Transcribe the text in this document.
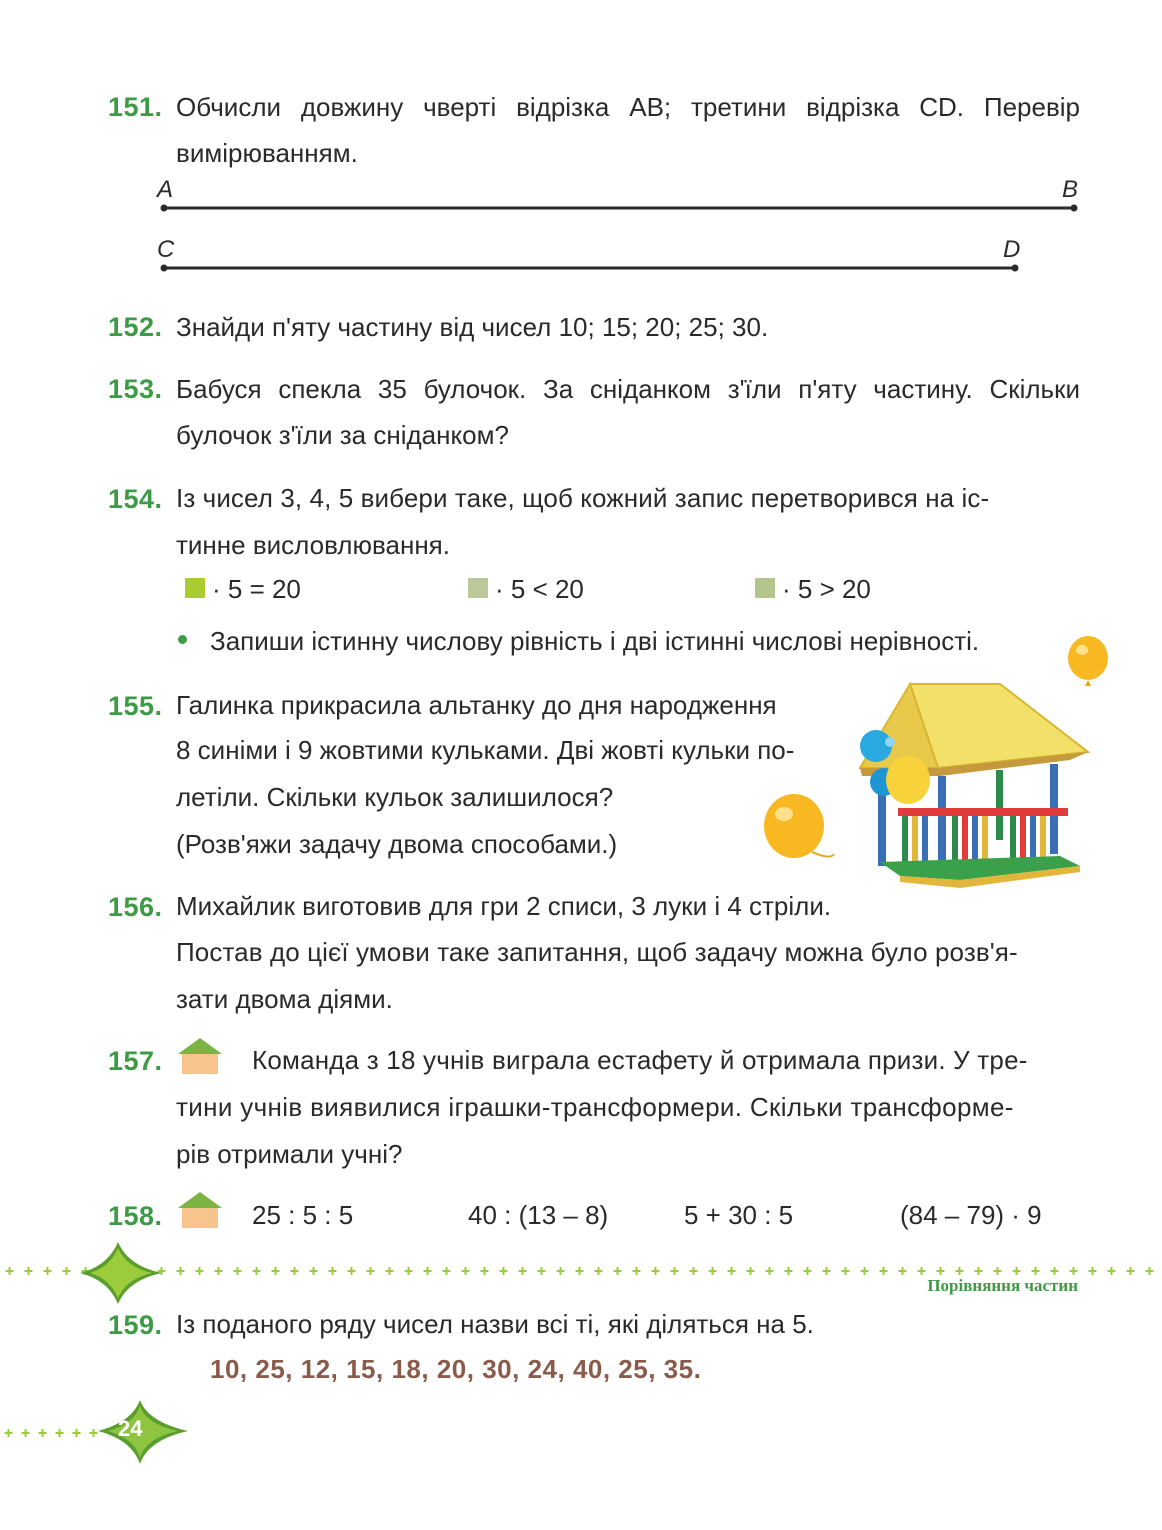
151. Обчисли довжину чверті відрізка AB; третини відрізка CD. Перевір вимірюванням.
A	B
C	D
152. Знайди п'яту частину від чисел 10; 15; 20; 25; 30.
153. Бабуся спекла 35 булочок. За сніданком з'їли п'яту частину. Скільки булочок з'їли за сніданком?
154. Із чисел 3, 4, 5 вибери таке, щоб кожний запис перетворився на іс-
тинне висловлювання.
· 5 = 20	· 5 < 20	· 5 > 20
Запиши істинну числову рівність і дві істинні числові нерівності.
155. Галинка прикрасила альтанку до дня народження
8 синіми і 9 жовтими кульками. Дві жовті кульки по-
летіли. Скільки кульок залишилося?
(Розв'яжи задачу двома способами.)
156. Михайлик виготовив для гри 2 списи, 3 луки і 4 стріли.
Постав до цієї умови таке запитання, щоб задачу можна було розв'я-
зати двома діями.
157.	Команда з 18 учнів виграла естафету й отримала призи. У тре-
тини учнів виявилися іграшки-трансформери. Скільки трансформе-
рів отримали учні?
158.	25 : 5 : 5	40 : (13 – 8)	5 + 30 : 5	(84 – 79) · 9
Порівняння частин
159. Із поданого ряду чисел назви всі ті, які діляться на 5.
10, 25, 12, 15, 18, 20, 30, 24, 40, 25, 35.
24
